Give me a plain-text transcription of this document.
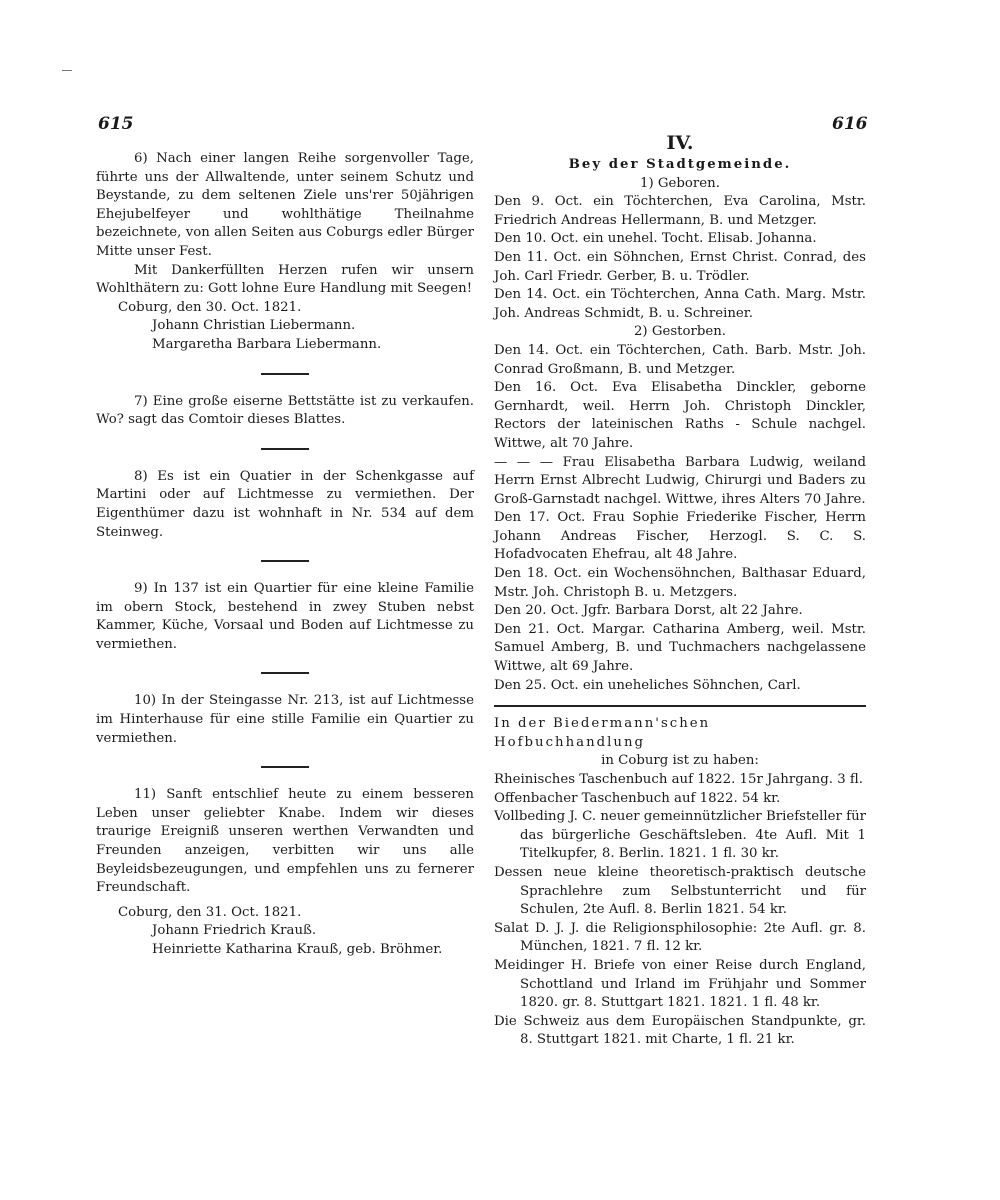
615	616
6) Nach einer langen Reihe sorgenvoller Tage, führte uns der Allwaltende, unter seinem Schutz und Beystande, zu dem seltenen Ziele uns'rer 50jährigen Ehejubelfeyer und wohlthätige Theilnahme bezeichnete, von allen Seiten aus Coburgs edler Bürger Mitte unser Fest.
Mit Dankerfüllten Herzen rufen wir unsern Wohlthätern zu: Gott lohne Eure Handlung mit Seegen!
Coburg, den 30. Oct. 1821.
Johann Christian Liebermann.
Margaretha Barbara Liebermann.
7) Eine große eiserne Bettstätte ist zu verkaufen. Wo? sagt das Comtoir dieses Blattes.
8) Es ist ein Quatier in der Schenkgasse auf Martini oder auf Lichtmesse zu vermiethen. Der Eigenthümer dazu ist wohnhaft in Nr. 534 auf dem Steinweg.
9) In 137 ist ein Quartier für eine kleine Familie im obern Stock, bestehend in zwey Stuben nebst Kammer, Küche, Vorsaal und Boden auf Lichtmesse zu vermiethen.
10) In der Steingasse Nr. 213, ist auf Lichtmesse im Hinterhause für eine stille Familie ein Quartier zu vermiethen.
11) Sanft entschlief heute zu einem besseren Leben unser geliebter Knabe. Indem wir dieses traurige Ereigniß unseren werthen Verwandten und Freunden anzeigen, verbitten wir uns alle Beyleidsbezeugungen, und empfehlen uns zu fernerer Freundschaft.
Coburg, den 31. Oct. 1821.
Johann Friedrich Krauß.
Heinriette Katharina Krauß, geb. Bröhmer.
IV.
Bey der Stadtgemeinde.
1) Geboren.
Den 9. Oct. ein Töchterchen, Eva Carolina, Mstr. Friedrich Andreas Hellermann, B. und Metzger.
Den 10. Oct. ein unehel. Tocht. Elisab. Johanna.
Den 11. Oct. ein Söhnchen, Ernst Christ. Conrad, des Joh. Carl Friedr. Gerber, B. u. Trödler.
Den 14. Oct. ein Töchterchen, Anna Cath. Marg. Mstr. Joh. Andreas Schmidt, B. u. Schreiner.
2) Gestorben.
Den 14. Oct. ein Töchterchen, Cath. Barb. Mstr. Joh. Conrad Großmann, B. und Metzger.
Den 16. Oct. Eva Elisabetha Dinckler, geborne Gernhardt, weil. Herrn Joh. Christoph Dinckler, Rectors der lateinischen Raths - Schule nachgel. Wittwe, alt 70 Jahre.
— — — Frau Elisabetha Barbara Ludwig, weiland Herrn Ernst Albrecht Ludwig, Chirurgi und Baders zu Groß-Garnstadt nachgel. Wittwe, ihres Alters 70 Jahre.
Den 17. Oct. Frau Sophie Friederike Fischer, Herrn Johann Andreas Fischer, Herzogl. S. C. S. Hofadvocaten Ehefrau, alt 48 Jahre.
Den 18. Oct. ein Wochensöhnchen, Balthasar Eduard, Mstr. Joh. Christoph B. u. Metzgers.
Den 20. Oct. Jgfr. Barbara Dorst, alt 22 Jahre.
Den 21. Oct. Margar. Catharina Amberg, weil. Mstr. Samuel Amberg, B. und Tuchmachers nachgelassene Wittwe, alt 69 Jahre.
Den 25. Oct. ein uneheliches Söhnchen, Carl.
In der Biedermann'schen Hofbuchhandlung
in Coburg ist zu haben:
Rheinisches Taschenbuch auf 1822. 15r Jahrgang. 3 fl.
Offenbacher Taschenbuch auf 1822. 54 kr.
Vollbeding J. C. neuer gemeinnützlicher Briefsteller für das bürgerliche Geschäftsleben. 4te Aufl. Mit 1 Titelkupfer, 8. Berlin. 1821. 1 fl. 30 kr.
Dessen neue kleine theoretisch-praktisch deutsche Sprachlehre zum Selbstunterricht und für Schulen, 2te Aufl. 8. Berlin 1821. 54 kr.
Salat D. J. J. die Religionsphilosophie: 2te Aufl. gr. 8. München, 1821. 7 fl. 12 kr.
Meidinger H. Briefe von einer Reise durch England, Schottland und Irland im Frühjahr und Sommer 1820. gr. 8. Stuttgart 1821. 1821. 1 fl. 48 kr.
Die Schweiz aus dem Europäischen Standpunkte, gr. 8. Stuttgart 1821. mit Charte, 1 fl. 21 kr.
